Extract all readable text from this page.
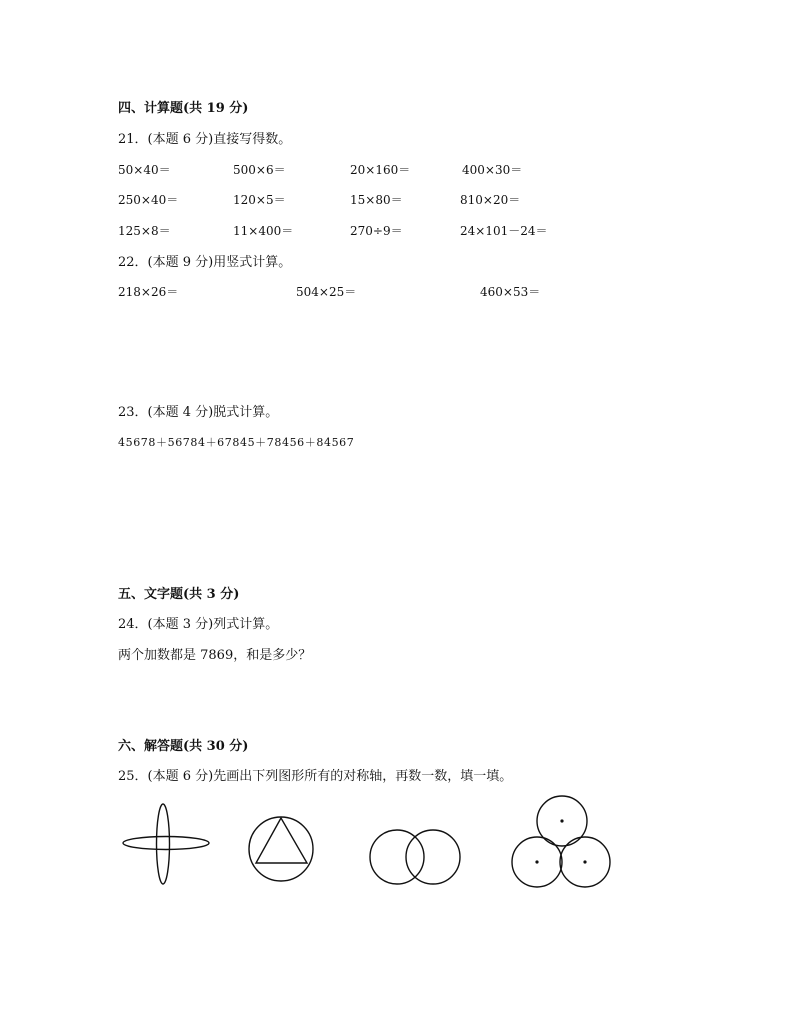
四、计算题(共 19 分)
21．(本题 6 分)直接写得数。
50×40＝	500×6＝	20×160＝	400×30＝
250×40＝	120×5＝	15×80＝	810×20＝
125×8＝	11×400＝	270÷9＝	24×101－24＝
22．(本题 9 分)用竖式计算。
218×26＝	504×25＝	460×53＝
23．(本题 4 分)脱式计算。
45678＋56784＋67845＋78456＋84567
五、文字题(共 3 分)
24．(本题 3 分)列式计算。
两个加数都是 7869，和是多少？
六、解答题(共 30 分)
25．(本题 6 分)先画出下列图形所有的对称轴，再数一数，填一填。
